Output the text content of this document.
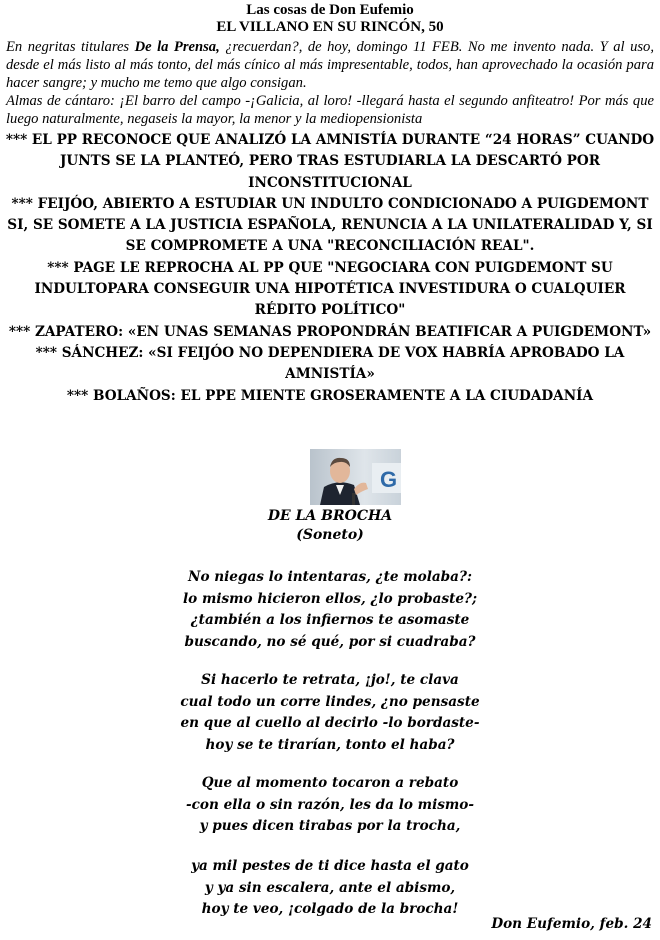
Las cosas de Don Eufemio
EL VILLANO EN SU RINCÓN, 50

En negritas titulares De la Prensa, ¿recuerdan?, de hoy, domingo 11 FEB. No me invento nada. Y al uso, desde el más listo al más tonto, del más cínico al más impresentable, todos, han aprovechado la ocasión para hacer sangre; y mucho me temo que algo consigan.

Almas de cántaro: ¡El barro del campo -¡Galicia, al loro! -llegará hasta el segundo anfiteatro! Por más que luego naturalmente, negaseis la mayor, la menor y la mediopensionista

*** EL PP RECONOCE QUE ANALIZÓ LA AMNISTÍA DURANTE “24 HORAS” CUANDO JUNTS SE LA PLANTEÓ, PERO TRAS ESTUDIARLA LA DESCARTÓ POR INCONSTITUCIONAL

*** FEIJÓO, ABIERTO A ESTUDIAR UN INDULTO CONDICIONADO A PUIGDEMONT SI, SE SOMETE A LA JUSTICIA ESPAÑOLA, RENUNCIA A LA UNILATERALIDAD Y, SI SE COMPROMETE A UNA "RECONCILIACIÓN REAL".

*** PAGE LE REPROCHA AL PP QUE "NEGOCIARA CON PUIGDEMONT SU INDULTOPARA CONSEGUIR UNA HIPOTÉTICA INVESTIDURA O CUALQUIER RÉDITO POLÍTICO"

*** ZAPATERO: «EN UNAS SEMANAS PROPONDRÁN BEATIFICAR A PUIGDEMONT»

*** SÁNCHEZ: «SI FEIJÓO NO DEPENDIERA DE VOX HABRÍA APROBADO LA AMNISTÍA»

*** BOLAÑOS: EL PPE MIENTE GROSERAMENTE A LA CIUDADANÍA

G
DE LA BROCHA
(Soneto)

No niegas lo intentaras, ¿te molaba?:

lo mismo hicieron ellos, ¿lo probaste?;

¿también a los infiernos te asomaste

buscando, no sé qué, por si cuadraba?

Si hacerlo te retrata, ¡jo!, te clava

cual todo un corre lindes, ¿no pensaste

en que al cuello al decirlo -lo bordaste-

hoy se te tirarían, tonto el haba?

Que al momento tocaron a rebato

-con ella o sin razón, les da lo mismo-

y pues dicen tirabas por la trocha,

ya mil pestes de ti dice hasta el gato

y ya sin escalera, ante el abismo,

hoy te veo, ¡colgado de la brocha!

Don Eufemio, feb. 24
